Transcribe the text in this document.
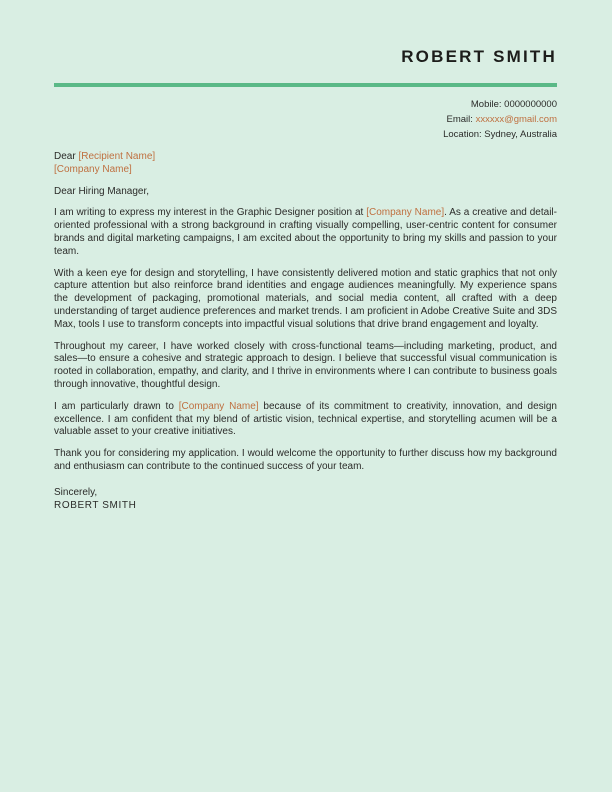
ROBERT SMITH
Mobile: 0000000000
Email: xxxxxx@gmail.com
Location: Sydney, Australia

Dear [Recipient Name]

[Company Name]

Dear Hiring Manager,

I am writing to express my interest in the Graphic Designer position at [Company Name]. As a creative and detail-oriented professional with a strong background in crafting visually compelling, user-centric content for consumer brands and digital marketing campaigns, I am excited about the opportunity to bring my skills and passion to your team.

With a keen eye for design and storytelling, I have consistently delivered motion and static graphics that not only capture attention but also reinforce brand identities and engage audiences meaningfully. My experience spans the development of packaging, promotional materials, and social media content, all crafted with a deep understanding of target audience preferences and market trends. I am proficient in Adobe Creative Suite and 3DS Max, tools I use to transform concepts into impactful visual solutions that drive brand engagement and loyalty.

Throughout my career, I have worked closely with cross-functional teams—including marketing, product, and sales—to ensure a cohesive and strategic approach to design. I believe that successful visual communication is rooted in collaboration, empathy, and clarity, and I thrive in environments where I can contribute to business goals through innovative, thoughtful design.

I am particularly drawn to [Company Name] because of its commitment to creativity, innovation, and design excellence. I am confident that my blend of artistic vision, technical expertise, and storytelling acumen will be a valuable asset to your creative initiatives.

Thank you for considering my application. I would welcome the opportunity to further discuss how my background and enthusiasm can contribute to the continued success of your team.

Sincerely,
ROBERT SMITH
